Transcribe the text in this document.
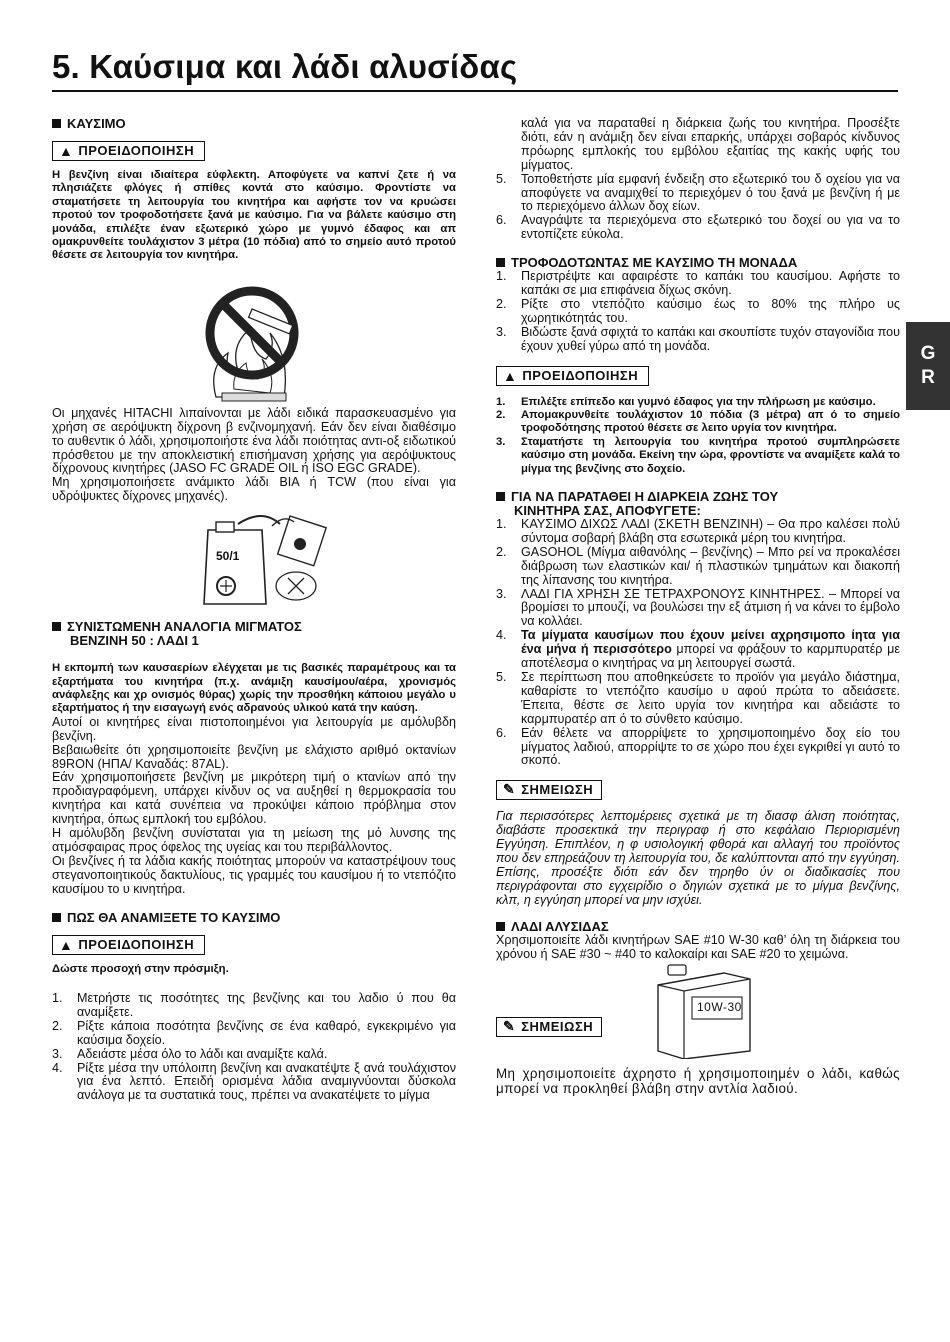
5. Καύσιμα και λάδι αλυσίδας
G
R

ΚΑΥΣΙΜΟ

▲ ΠΡΟΕΙΔΟΠΟΙΗΣΗ

Η βενζίνη είναι ιδιαίτερα εύφλεκτη. Αποφύγετε να καπνί ζετε ή να πλησιάζετε φλόγες ή σπίθες κοντά στο καύσιμο. Φροντίστε να σταματήσετε τη λειτουργία του κινητήρα και αφήστε τον να κρυώσει προτού τον τροφοδοτήσετε ξανά με καύσιμο. Για να βάλετε καύσιμο στη μονάδα, επιλέξτε έναν εξωτερικό χώρο με γυμνό έδαφος και απ ομακρυνθείτε τουλάχιστον 3 μέτρα (10 πόδια) από το σημείο αυτό προτού θέσετε σε λειτουργία τον κινητήρα.

Οι μηχανές HITACHI λιπαίνονται με λάδι ειδικά παρασκευασμένο για χρήση σε αερόψυκτη δίχρονη β ενζινομηχανή. Εάν δεν είναι διαθέσιμο το αυθεντικ ό λάδι, χρησιμοποιήστε ένα λάδι ποιότητας αντι-οξ ειδωτικού πρόσθετου με την αποκλειστική επισήμανση χρήσης για αερόψυκτους δίχρονους κινητήρες (JASO FC GRADE OIL ή ISO EGC GRADE).

Μη χρησιμοποιήσετε ανάμικτο λάδι BIA ή TCW (που είναι για υδρόψυκτες δίχρονες μηχανές).

50/1

ΣΥΝΙΣΤΩΜΕΝΗ ΑΝΑΛΟΓΙΑ ΜΙΓΜΑΤΟΣ

ΒΕΝΖΙΝΗ 50 : ΛΑΔΙ 1

Η εκπομπή των καυσαερίων ελέγχεται με τις βασικές παραμέτρους και τα εξαρτήματα του κινητήρα (π.χ. ανάμιξη καυσίμου/αέρα, χρονισμός ανάφλεξης και χρ ονισμός θύρας) χωρίς την προσθήκη κάποιου μεγάλο υ εξαρτήματος ή την εισαγωγή ενός αδρανούς υλικού κατά την καύση.

Αυτοί οι κινητήρες είναι πιστοποιημένοι για λειτουργία με αμόλυβδη βενζίνη.

Βεβαιωθείτε ότι χρησιμοποιείτε βενζίνη με ελάχιστο αριθμό οκτανίων 89RON (ΗΠΑ/ Καναδάς: 87AL).

Εάν χρησιμοποιήσετε βενζίνη με μικρότερη τιμή ο κτανίων από την προδιαγραφόμενη, υπάρχει κίνδυν ος να αυξηθεί η θερμοκρασία του κινητήρα και κατά συνέπεια να προκύψει κάποιο πρόβλημα στον κινητήρα, όπως εμπλοκή του εμβόλου.

Η αμόλυβδη βενζίνη συνίσταται για τη μείωση της μό λυνσης της ατμόσφαιρας προς όφελος της υγείας και του περιβάλλοντος.

Οι βενζίνες ή τα λάδια κακής ποιότητας μπορούν να καταστρέψουν τους στεγανοποιητικούς δακτυλίους, τις γραμμές του καυσίμου ή το ντεπόζιτο καυσίμου το υ κινητήρα.

ΠΩΣ ΘΑ ΑΝΑΜΙΞΕΤΕ ΤΟ ΚΑΥΣΙΜΟ

▲ ΠΡΟΕΙΔΟΠΟΙΗΣΗ

Δώστε προσοχή στην πρόσμιξη.

1. Μετρήστε τις ποσότητες της βενζίνης και του λαδιο ύ που θα αναμίξετε.
2. Ρίξτε κάποια ποσότητα βενζίνης σε ένα καθαρό, εγκεκριμένο για καύσιμα δοχείο.
3. Αδειάστε μέσα όλο το λάδι και αναμίξτε καλά.
4. Ρίξτε μέσα την υπόλοιπη βενζίνη και ανακατέψτε ξ ανά τουλάχιστον για ένα λεπτό. Επειδή ορισμένα λάδια αναμιγνύονται δύσκολα ανάλογα με τα συστατικά τους, πρέπει να ανακατέψετε το μίγμα

καλά για να παραταθεί η διάρκεια ζωής του κινητήρα. Προσέξτε διότι, εάν η ανάμιξη δεν είναι επαρκής, υπάρχει σοβαρός κίνδυνος πρόωρης εμπλοκής του εμβόλου εξαιτίας της κακής υφής του μίγματος.

5. Τοποθετήστε μία εμφανή ένδειξη στο εξωτερικό του δ οχείου για να αποφύγετε να αναμιχθεί το περιεχόμεν ό του ξανά με βενζίνη ή με το περιεχόμενο άλλων δοχ είων.
6. Αναγράψτε τα περιεχόμενα στο εξωτερικό του δοχεί ου για να το εντοπίζετε εύκολα.

ΤΡΟΦΟΔΟΤΩΝΤΑΣ ΜΕ ΚΑΥΣΙΜΟ ΤΗ ΜΟΝΑΔΑ

1. Περιστρέψτε και αφαιρέστε το καπάκι του καυσίμου. Αφήστε το καπάκι σε μια επιφάνεια δίχως σκόνη.
2. Ρίξτε στο ντεπόζιτο καύσιμο έως το 80% της πλήρο υς χωρητικότητάς του.
3. Βιδώστε ξανά σφιχτά το καπάκι και σκουπίστε τυχόν σταγονίδια που έχουν χυθεί γύρω από τη μονάδα.
▲ ΠΡΟΕΙΔΟΠΟΙΗΣΗ
1. Επιλέξτε επίπεδο και γυμνό έδαφος για την πλήρωση με καύσιμο.
2. Απομακρυνθείτε τουλάχιστον 10 πόδια (3 μέτρα) απ ό το σημείο τροφοδότησης προτού θέσετε σε λειτο υργία τον κινητήρα.
3. Σταματήστε τη λειτουργία του κινητήρα προτού συμπληρώσετε καύσιμο στη μονάδα. Εκείνη την ώρα, φροντίστε να αναμίξετε καλά το μίγμα της βενζίνης στο δοχείο.

ΓΙΑ ΝΑ ΠΑΡΑΤΑΘΕΙ Η ΔΙΑΡΚΕΙΑ ΖΩΗΣ ΤΟΥ

ΚΙΝΗΤΗΡΑ ΣΑΣ, ΑΠΟΦΥΓΕΤΕ:

1. ΚΑΥΣΙΜΟ ΔΙΧΩΣ ΛΑΔΙ (ΣΚΕΤΗ ΒΕΝΖΙΝΗ) – Θα προ καλέσει πολύ σύντομα σοβαρή βλάβη στα εσωτερικά μέρη του κινητήρα.
2. GASOHOL (Μίγμα αιθανόλης – βενζίνης) – Μπο ρεί να προκαλέσει διάβρωση των ελαστικών και/ ή πλαστικών τμημάτων και διακοπή της λίπανσης του κινητήρα.
3. ΛΑΔΙ ΓΙΑ ΧΡΗΣΗ ΣΕ ΤΕΤΡΑΧΡΟΝΟΥΣ ΚΙΝΗΤΗΡΕΣ. – Μπορεί να βρομίσει το μπουζί, να βουλώσει την εξ άτμιση ή να κάνει το έμβολο να κολλάει.
4. Τα μίγματα καυσίμων που έχουν μείνει αχρησιμοπο ίητα για ένα μήνα ή περισσότερο μπορεί να φράξουν το καρμπυρατέρ με αποτέλεσμα ο κινητήρας να μη λειτουργεί σωστά.
5. Σε περίπτωση που αποθηκεύσετε το προϊόν για μεγάλο διάστημα, καθαρίστε το ντεπόζιτο καυσίμο υ αφού πρώτα το αδειάσετε. Έπειτα, θέστε σε λειτο υργία τον κινητήρα και αδειάστε το καρμπυρατέρ απ ό το σύνθετο καύσιμο.
6. Εάν θέλετε να απορρίψετε το χρησιμοποιημένο δοχ είο του μίγματος λαδιού, απορρίψτε το σε χώρο που έχει εγκριθεί γι αυτό το σκοπό.
✎ ΣΗΜΕΙΩΣΗ

Για περισσότερες λεπτομέρειες σχετικά με τη διασφ άλιση ποιότητας, διαβάστε προσεκτικά την περιγραφ ή στο κεφάλαιο Περιορισμένη Εγγύηση. Επιπλέον, η φ υσιολογική φθορά και αλλαγή του προϊόντος που δεν επηρεάζουν τη λειτουργία του, δε καλύπτονται από την εγγύηση. Επίσης, προσέξτε διότι εάν δεν τηρηθο ύν οι διαδικασίες που περιγράφονται στο εγχειρίδιο ο δηγιών σχετικά με το μίγμα βενζίνης, κλπ, η εγγύηση μπορεί να μην ισχύει.

ΛΑΔΙ ΑΛΥΣΙΔΑΣ

Χρησιμοποιείτε λάδι κινητήρων SAE #10 W-30 καθ’ όλη τη διάρκεια του χρόνου ή SAE #30 ~ #40 το καλοκαίρι και SAE #20 το χειμώνα.

10W-30
✎ ΣΗΜΕΙΩΣΗ

Μη χρησιμοποιείτε άχρηστο ή χρησιμοποιημέν ο λάδι, καθώς μπορεί να προκληθεί βλάβη στην αντλία λαδιού.
